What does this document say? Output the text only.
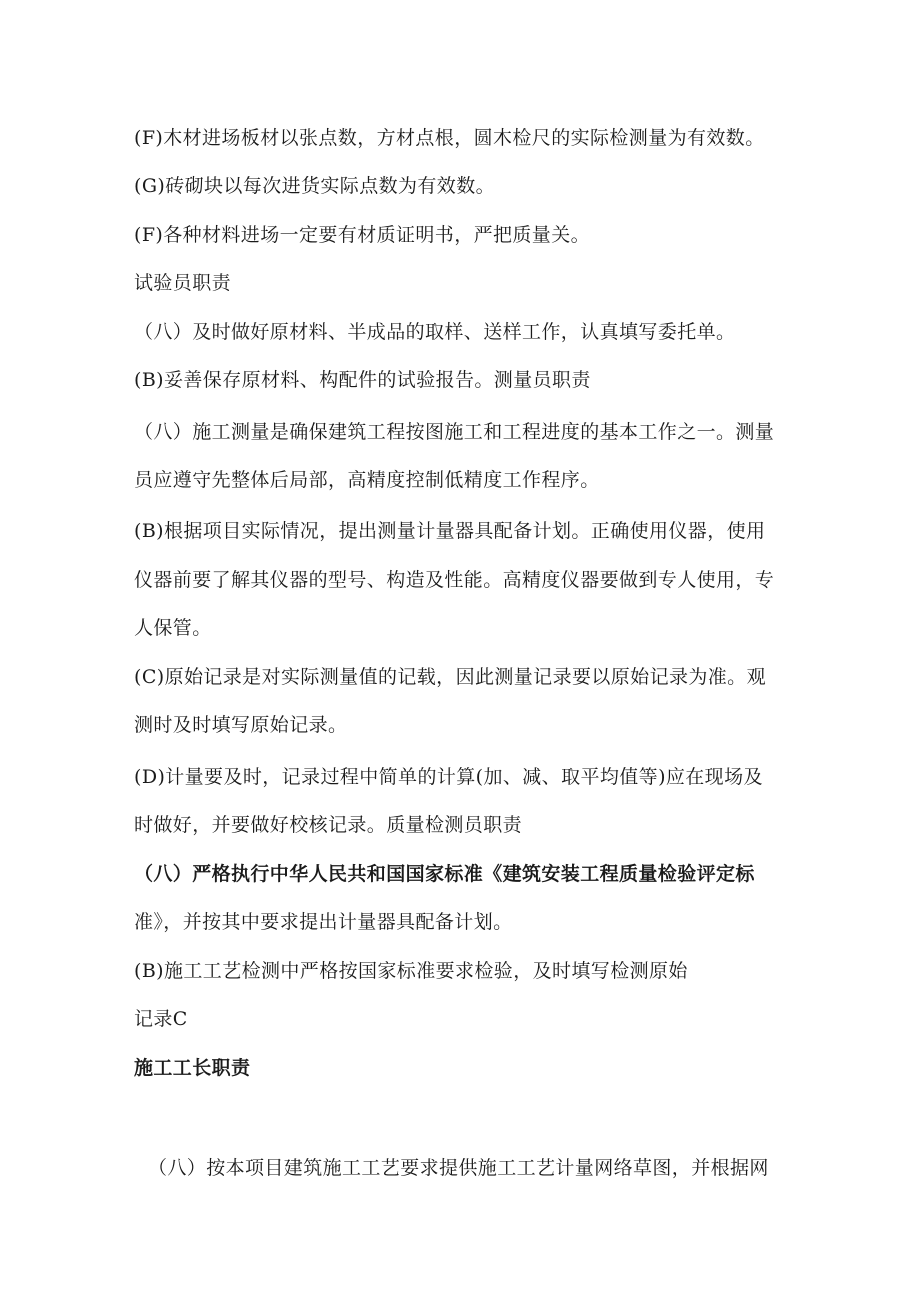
(F)木材进场板材以张点数，方材点根，圆木检尺的实际检测量为有效数。
(G)砖砌块以每次进货实际点数为有效数。
(F)各种材料进场一定要有材质证明书，严把质量关。
试验员职责
（八）及时做好原材料、半成品的取样、送样工作，认真填写委托单。
(B)妥善保存原材料、构配件的试验报告。测量员职责
（八）施工测量是确保建筑工程按图施工和工程进度的基本工作之一。测量
员应遵守先整体后局部，高精度控制低精度工作程序。
(B)根据项目实际情况，提出测量计量器具配备计划。正确使用仪器，使用
仪器前要了解其仪器的型号、构造及性能。高精度仪器要做到专人使用，专
人保管。
(C)原始记录是对实际测量值的记载，因此测量记录要以原始记录为准。观
测时及时填写原始记录。
(D)计量要及时，记录过程中简单的计算(加、减、取平均值等)应在现场及
时做好，并要做好校核记录。质量检测员职责
（八）严格执行中华人民共和国国家标准《建筑安装工程质量检验评定标
准》，并按其中要求提出计量器具配备计划。
(B)施工工艺检测中严格按国家标准要求检验，及时填写检测原始
记录C
施工工长职责
（八）按本项目建筑施工工艺要求提供施工工艺计量网络草图，并根据网
